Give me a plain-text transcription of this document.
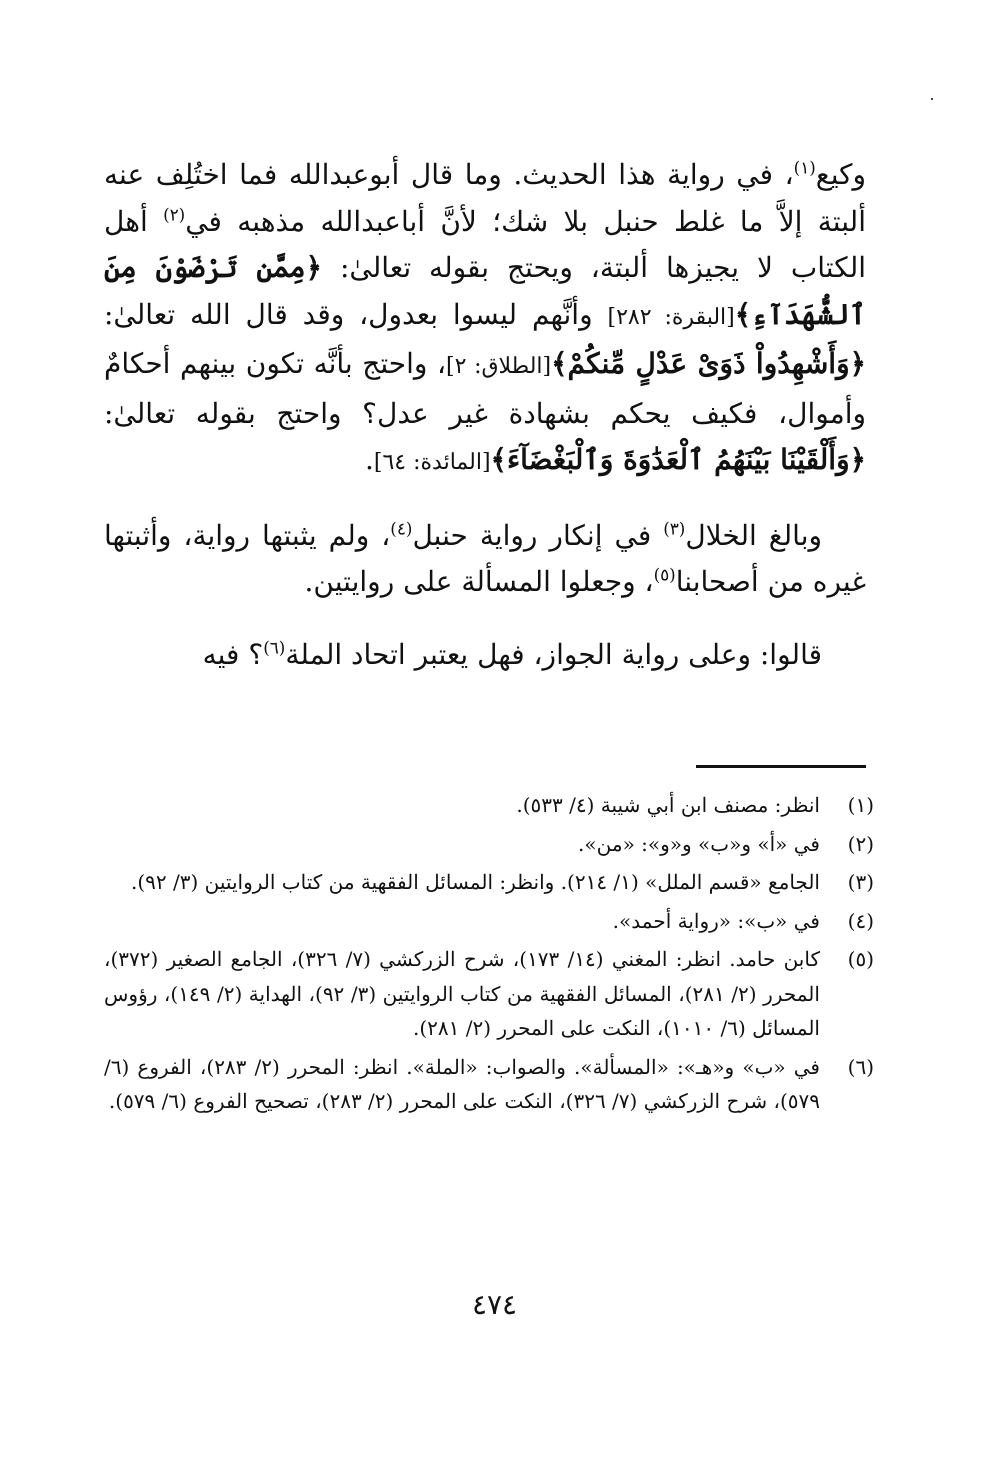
وكيع$^{(١)}$، في رواية هذا الحديث. وما قال أبوعبدالله فما اختُلِف عنه ألبتة إلاَّ ما غلط حنبل بلا شك؛ لأنَّ أباعبدالله مذهبه في$^{(٢)}$ أهل الكتاب لا يجيزها ألبتة، ويحتج بقوله تعالىٰ: ﴿مِمَّن تَرْضَوْنَ مِنَ ٱلشُّهَدَآءِ﴾[البقرة: ٢٨٢] وأنَّهم ليسوا بعدول، وقد قال الله تعالىٰ: ﴿وَأَشْهِدُواْ ذَوَىْ عَدْلٍ مِّنكُمْ﴾[الطلاق: ٢]، واحتج بأنَّه تكون بينهم أحكامٌ وأموال، فكيف يحكم بشهادة غير عدل؟ واحتج بقوله تعالىٰ: ﴿وَأَلْقَيْنَا بَيْنَهُمُ ٱلْعَدَٰوَةَ وَٱلْبَغْضَآءَ﴾[المائدة: ٦٤].

وبالغ الخلال$^{(٣)}$ في إنكار رواية حنبل$^{(٤)}$، ولم يثبتها رواية، وأثبتها غيره من أصحابنا$^{(٥)}$، وجعلوا المسألة على روايتين.

قالوا: وعلى رواية الجواز، فهل يعتبر اتحاد الملة$^{(٦)}$؟ فيه

(١)
انظر: مصنف ابن أبي شيبة (٤/ ٥٣٣).
(٢)
في «أ» و«ب» و«و»: «من».
(٣)
الجامع «قسم الملل» (١/ ٢١٤). وانظر: المسائل الفقهية من كتاب الروايتين (٣/ ٩٢).
(٤)
في «ب»: «رواية أحمد».
(٥)
كابن حامد. انظر: المغني (١٤/ ١٧٣)، شرح الزركشي (٧/ ٣٢٦)، الجامع الصغير (٣٧٢)، المحرر (٢/ ٢٨١)، المسائل الفقهية من كتاب الروايتين (٣/ ٩٢)، الهداية (٢/ ١٤٩)، رؤوس المسائل (٦/ ١٠١٠)، النكت على المحرر (٢/ ٢٨١).
(٦)
في «ب» و«هـ»: «المسألة». والصواب: «الملة». انظر: المحرر (٢/ ٢٨٣)، الفروع (٦/ ٥٧٩)، شرح الزركشي (٧/ ٣٢٦)، النكت على المحرر (٢/ ٢٨٣)، تصحيح الفروع (٦/ ٥٧٩).
٤٧٤
